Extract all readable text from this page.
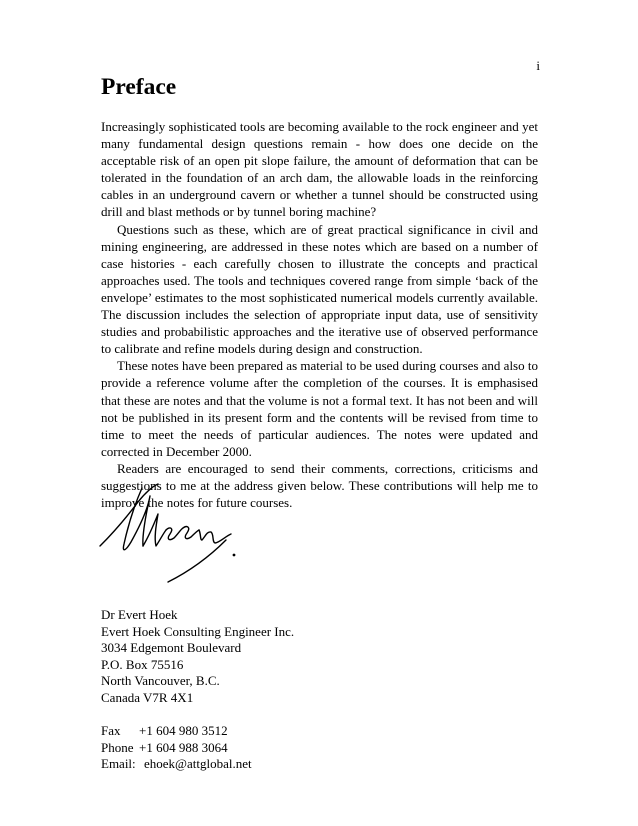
i
Preface

Increasingly sophisticated tools are becoming available to the rock engineer and yet many fundamental design questions remain - how does one decide on the acceptable risk of an open pit slope failure, the amount of deformation that can be tolerated in the foundation of an arch dam, the allowable loads in the reinforcing cables in an underground cavern or whether a tunnel should be constructed using drill and blast methods or by tunnel boring machine?

Questions such as these, which are of great practical significance in civil and mining engineering, are addressed in these notes which are based on a number of case histories - each carefully chosen to illustrate the concepts and practical approaches used. The tools and techniques covered range from simple ‘back of the envelope’ estimates to the most sophisticated numerical models currently available. The discussion includes the selection of appropriate input data, use of sensitivity studies and probabilistic approaches and the iterative use of observed performance to calibrate and refine models during design and construction.

These notes have been prepared as material to be used during courses and also to provide a reference volume after the completion of the courses. It is emphasised that these are notes and that the volume is not a formal text. It has not been and will not be published in its present form and the contents will be revised from time to time to meet the needs of particular audiences. The notes were updated and corrected in December 2000.

Readers are encouraged to send their comments, corrections, criticisms and suggestions to me at the address given below. These contributions will help me to improve the notes for future courses.

Dr Evert Hoek
Evert Hoek Consulting Engineer Inc.
3034 Edgemont Boulevard
P.O. Box 75516
North Vancouver, B.C.
Canada V7R 4X1
Fax	+1 604 980 3512
Phone +1 604 988 3064
Email: ehoek@attglobal.net
